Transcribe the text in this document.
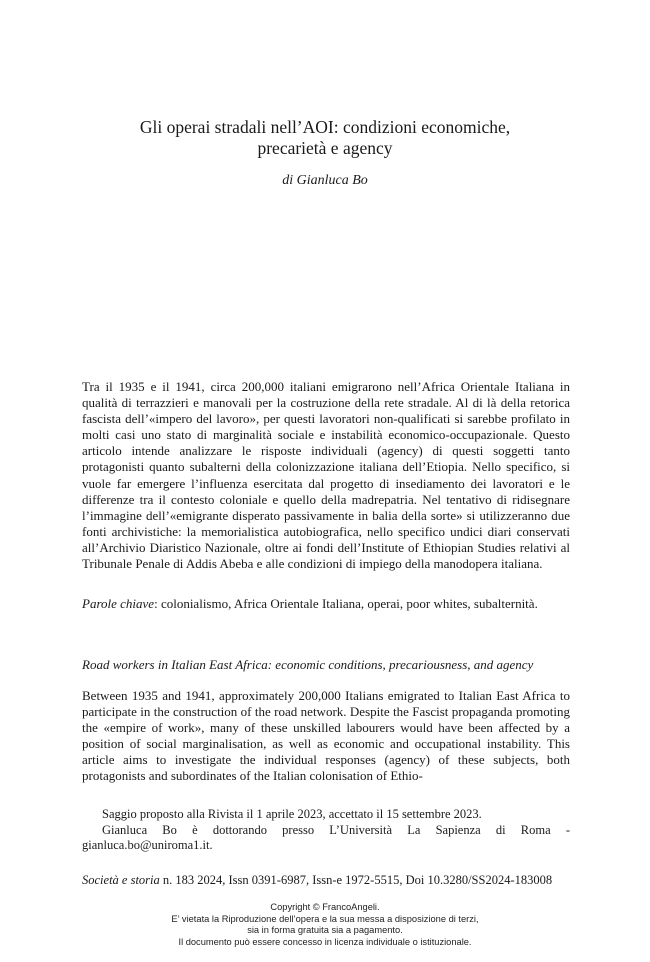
Gli operai stradali nell’AOI: condizioni economiche,
precarietà e agency
di Gianluca Bo

Tra il 1935 e il 1941, circa 200,000 italiani emigrarono nell’Africa Orientale Italiana in qualità di terrazzieri e manovali per la costruzione della rete stradale. Al di là della retorica fascista dell’«impero del lavoro», per questi lavoratori non-qualificati si sarebbe profilato in molti casi uno stato di marginalità sociale e instabilità economico-occupazionale. Questo articolo intende analizzare le risposte individuali (agency) di questi soggetti tanto protagonisti quanto subalterni della colonizzazione italiana dell’Etiopia. Nello specifico, si vuole far emergere l’influenza esercitata dal progetto di insediamento dei lavoratori e le differenze tra il contesto coloniale e quello della madrepatria. Nel tentativo di ridisegnare l’immagine dell’«emigrante disperato passivamente in balia della sorte» si utilizzeranno due fonti archivistiche: la memorialistica autobiografica, nello specifico undici diari conservati all’Archivio Diaristico Nazionale, oltre ai fondi dell’Institute of Ethiopian Studies relativi al Tribunale Penale di Addis Abeba e alle condizioni di impiego della manodopera italiana.

Parole chiave: colonialismo, Africa Orientale Italiana, operai, poor whites, subalternità.
Road workers in Italian East Africa: economic conditions, precariousness, and agency
Between 1935 and 1941, approximately 200,000 Italians emigrated to Italian East Africa to participate in the construction of the road network. Despite the Fascist propaganda promoting the «empire of work», many of these unskilled labourers would have been affected by a position of social marginalisation, as well as economic and occupational instability. This article aims to investigate the individual responses (agency) of these subjects, both protagonists and subordinates of the Italian colonisation of Ethio-

Saggio proposto alla Rivista il 1 aprile 2023, accettato il 15 settembre 2023.

Gianluca Bo è dottorando presso L’Università La Sapienza di Roma - gianluca.bo@uniroma1.it.

Società e storia n. 183 2024, Issn 0391-6987, Issn-e 1972-5515, Doi 10.3280/SS2024-183008
Copyright © FrancoAngeli.
E’ vietata la Riproduzione dell’opera e la sua messa a disposizione di terzi,
sia in forma gratuita sia a pagamento.
Il documento può essere concesso in licenza individuale o istituzionale.
